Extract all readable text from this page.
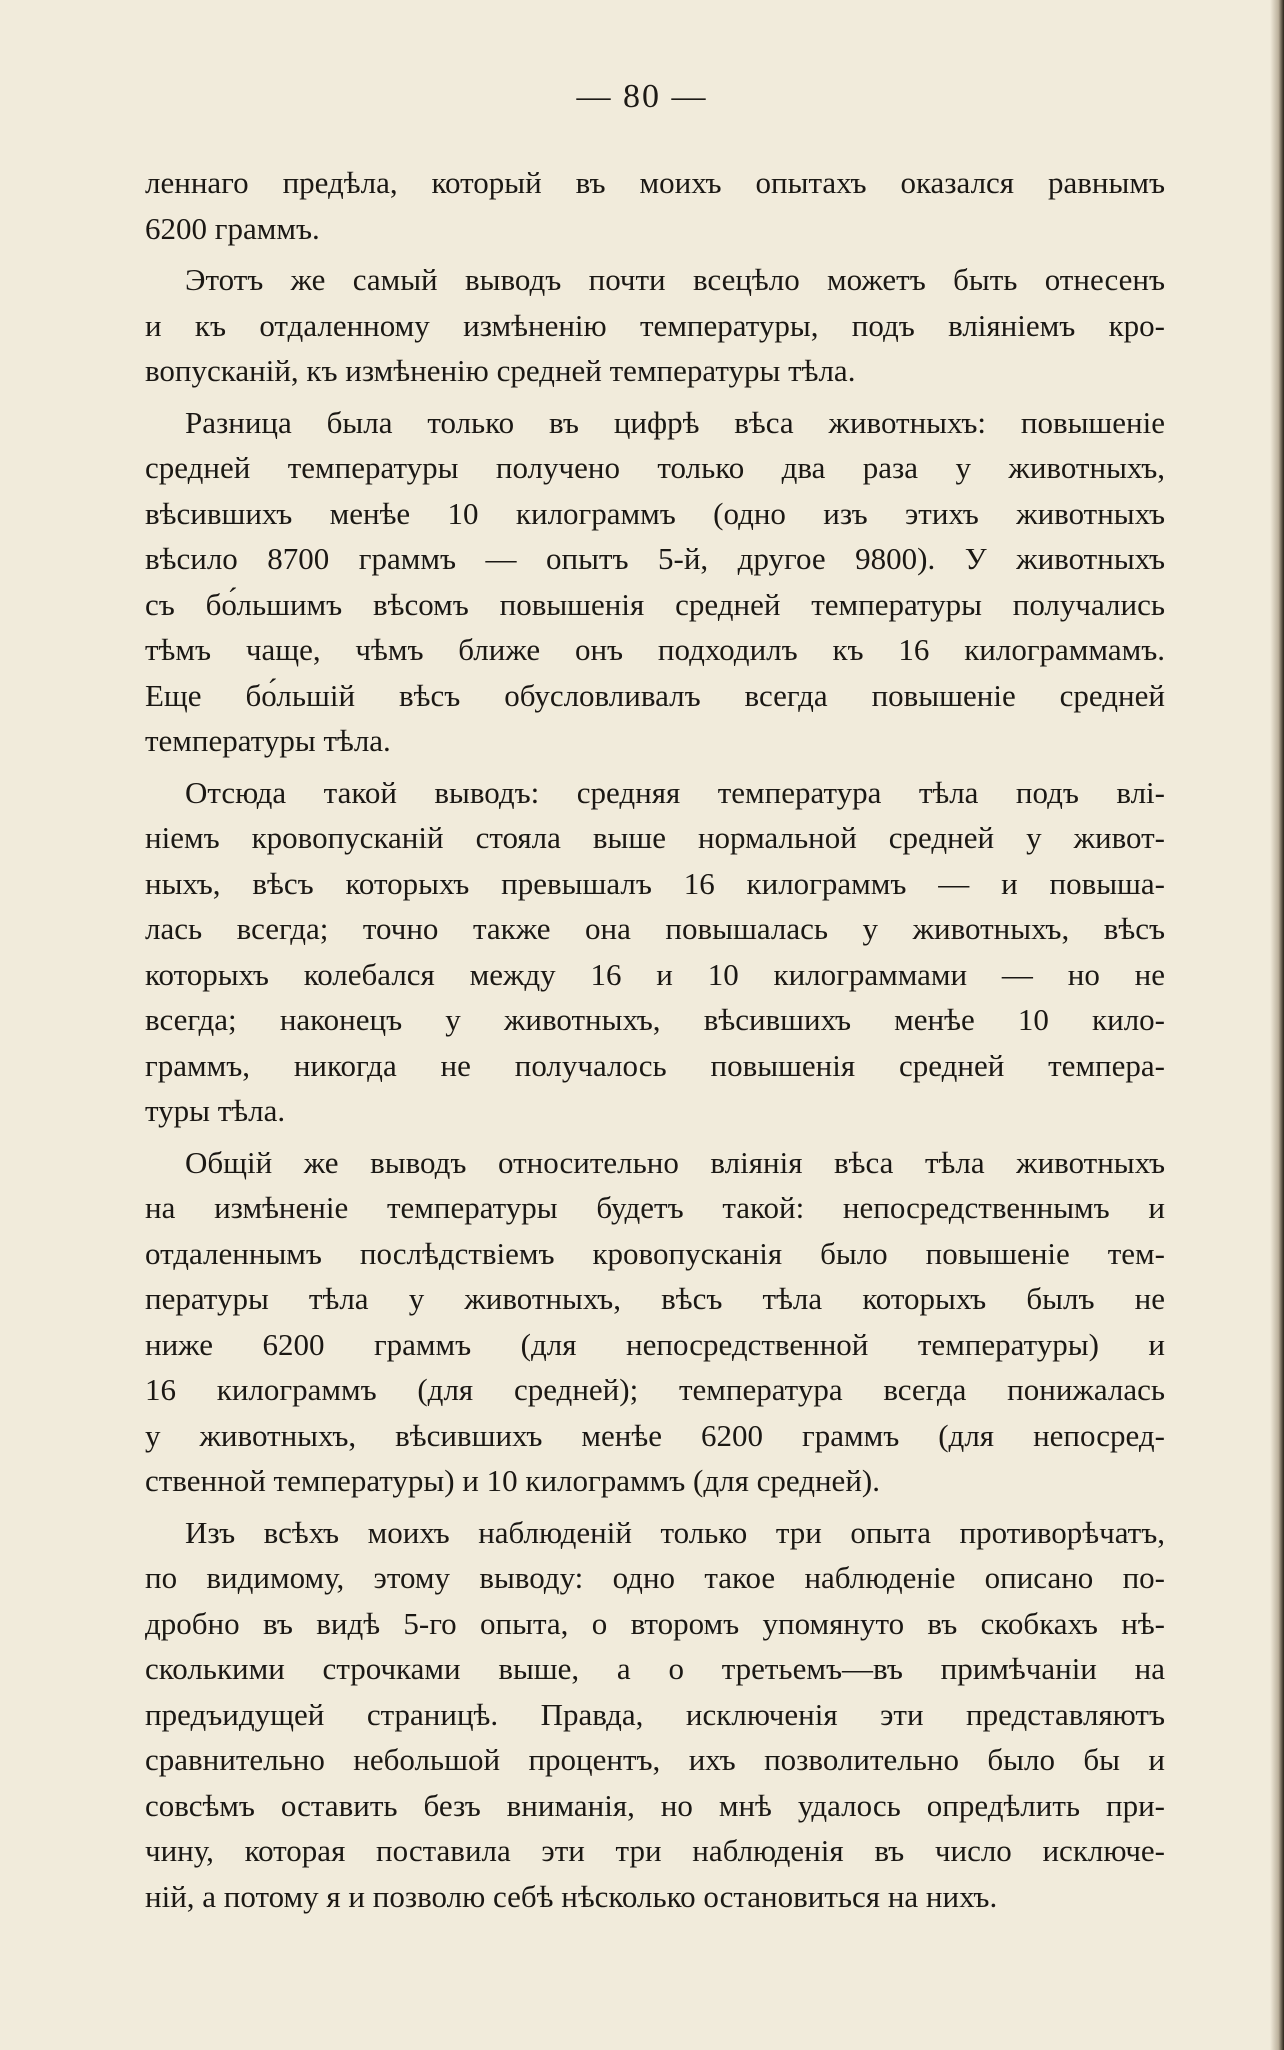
— 80 —
леннаго предѣла, который въ моихъ опытахъ оказался равнымъ
6200 граммъ.
Этотъ же самый выводъ почти всецѣло можетъ быть отнесенъ
и къ отдаленному измѣненію температуры, подъ вліяніемъ кро-
вопусканій, къ измѣненію средней температуры тѣла.
Разница была только въ цифрѣ вѣса животныхъ: повышеніе
средней температуры получено только два раза у животныхъ,
вѣсившихъ менѣе 10 килограммъ (одно изъ этихъ животныхъ
вѣсило 8700 граммъ — опытъ 5-й, другое 9800). У животныхъ
съ бо́льшимъ вѣсомъ повышенія средней температуры получались
тѣмъ чаще, чѣмъ ближе онъ подходилъ къ 16 килограммамъ.
Еще бо́льшій вѣсъ обусловливалъ всегда повышеніе средней
температуры тѣла.
Отсюда такой выводъ: средняя температура тѣла подъ влі-
ніемъ кровопусканій стояла выше нормальной средней у живот-
ныхъ, вѣсъ которыхъ превышалъ 16 килограммъ — и повыша-
лась всегда; точно также она повышалась у животныхъ, вѣсъ
которыхъ колебался между 16 и 10 килограммами — но не
всегда; наконецъ у животныхъ, вѣсившихъ менѣе 10 кило-
граммъ, никогда не получалось повышенія средней темпера-
туры тѣла.
Общій же выводъ относительно вліянія вѣса тѣла животныхъ
на измѣненіе температуры будетъ такой: непосредственнымъ и
отдаленнымъ послѣдствіемъ кровопусканія было повышеніе тем-
пературы тѣла у животныхъ, вѣсъ тѣла которыхъ былъ не
ниже 6200 граммъ (для непосредственной температуры) и
16 килограммъ (для средней); температура всегда понижалась
у животныхъ, вѣсившихъ менѣе 6200 граммъ (для непосред-
ственной температуры) и 10 килограммъ (для средней).
Изъ всѣхъ моихъ наблюденій только три опыта противорѣчатъ,
по видимому, этому выводу: одно такое наблюденіе описано по-
дробно въ видѣ 5-го опыта, о второмъ упомянуто въ скобкахъ нѣ-
сколькими строчками выше, а о третьемъ—въ примѣчаніи на
предъидущей страницѣ. Правда, исключенія эти представляютъ
сравнительно небольшой процентъ, ихъ позволительно было бы и
совсѣмъ оставить безъ вниманія, но мнѣ удалось опредѣлить при-
чину, которая поставила эти три наблюденія въ число исключе-
ній, а потому я и позволю себѣ нѣсколько остановиться на нихъ.
